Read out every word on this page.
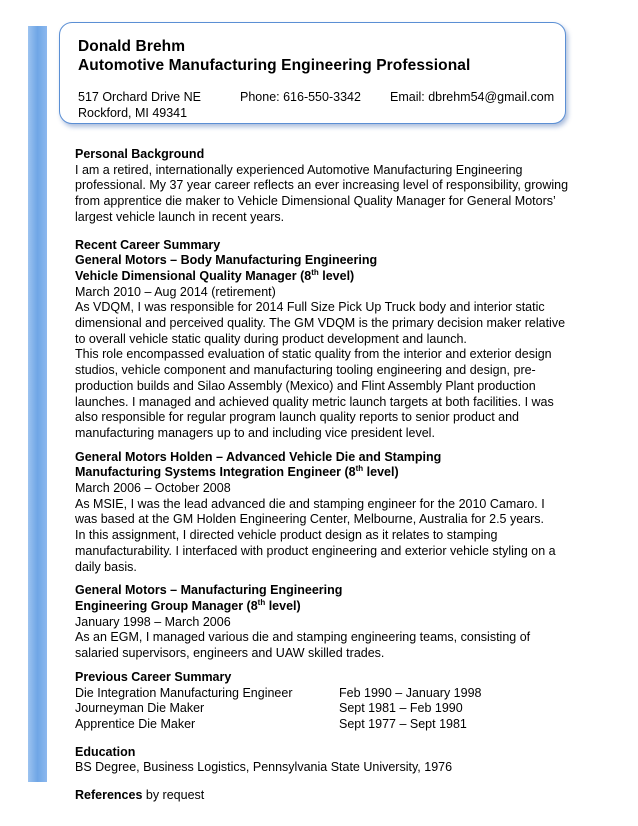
Donald Brehm
Automotive Manufacturing Engineering Professional
517 Orchard Drive NE	Phone: 616-550-3342 Email: dbrehm54@gmail.com
Rockford, MI 49341

Personal Background

I am a retired, internationally experienced Automotive Manufacturing Engineering professional. My 37 year career reflects an ever increasing level of responsibility, growing from apprentice die maker to Vehicle Dimensional Quality Manager for General Motors’ largest vehicle launch in recent years.

Recent Career Summary

General Motors – Body Manufacturing Engineering

Vehicle Dimensional Quality Manager (8th level)

March 2010 – Aug 2014 (retirement)

As VDQM, I was responsible for 2014 Full Size Pick Up Truck body and interior static dimensional and perceived quality. The GM VDQM is the primary decision maker relative to overall vehicle static quality during product development and launch.

This role encompassed evaluation of static quality from the interior and exterior design studios, vehicle component and manufacturing tooling engineering and design, pre-production builds and Silao Assembly (Mexico) and Flint Assembly Plant production launches. I managed and achieved quality metric launch targets at both facilities. I was also responsible for regular program launch quality reports to senior product and manufacturing managers up to and including vice president level.

General Motors Holden – Advanced Vehicle Die and Stamping

Manufacturing Systems Integration Engineer (8th level)

March 2006 – October 2008

As MSIE, I was the lead advanced die and stamping engineer for the 2010 Camaro. I was based at the GM Holden Engineering Center, Melbourne, Australia for 2.5 years.

In this assignment, I directed vehicle product design as it relates to stamping manufacturability. I interfaced with product engineering and exterior vehicle styling on a daily basis.

General Motors – Manufacturing Engineering

Engineering Group Manager (8th level)

January 1998 – March 2006

As an EGM, I managed various die and stamping engineering teams, consisting of salaried supervisors, engineers and UAW skilled trades.

Previous Career Summary

Die Integration Manufacturing Engineer	Feb 1990 – January 1998
Journeyman Die Maker	Sept 1981 – Feb 1990
Apprentice Die Maker	Sept 1977 – Sept 1981

Education

BS Degree, Business Logistics, Pennsylvania State University, 1976

References by request
